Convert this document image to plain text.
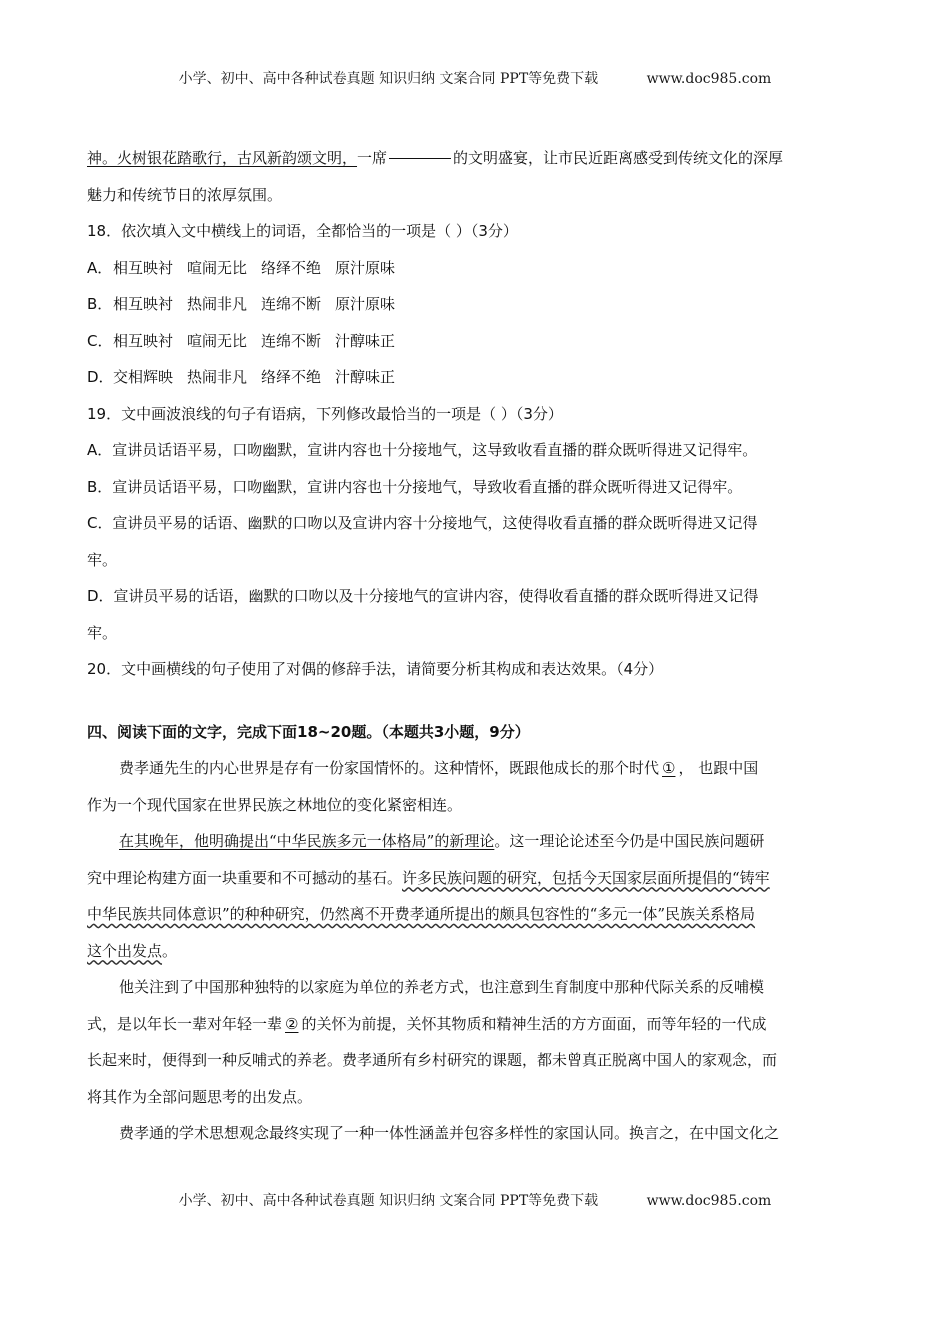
小学、初中、高中各种试卷真题 知识归纳 文案合同 PPT等免费下载	www.doc985.com
神。火树银花踏歌行，古风新韵颂文明，一席	的文明盛宴，让市民近距离感受到传统文化的深厚
魅力和传统节日的浓厚氛围。
18．依次填入文中横线上的词语，全都恰当的一项是（ ）（3分）
A．相互映衬 喧闹无比 络绎不绝 原汁原味
B．相互映衬 热闹非凡 连绵不断 原汁原味
C．相互映衬 喧闹无比 连绵不断 汁醇味正
D．交相辉映 热闹非凡 络绎不绝 汁醇味正
19．文中画波浪线的句子有语病，下列修改最恰当的一项是（ ）（3分）
A．宣讲员话语平易，口吻幽默，宣讲内容也十分接地气，这导致收看直播的群众既听得进又记得牢。
B．宣讲员话语平易，口吻幽默，宣讲内容也十分接地气，导致收看直播的群众既听得进又记得牢。
C．宣讲员平易的话语、幽默的口吻以及宣讲内容十分接地气，这使得收看直播的群众既听得进又记得
牢。
D．宣讲员平易的话语，幽默的口吻以及十分接地气的宣讲内容，使得收看直播的群众既听得进又记得
牢。
20．文中画横线的句子使用了对偶的修辞手法，请简要分析其构成和表达效果。（4分）
四、阅读下面的文字，完成下面18~20题。（本题共3小题，9分）
费孝通先生的内心世界是存有一份家国情怀的。这种情怀，既跟他成长的那个时代 ① ， 也跟中国
作为一个现代国家在世界民族之林地位的变化紧密相连。
在其晚年，他明确提出“中华民族多元一体格局”的新理论。这一理论论述至今仍是中国民族问题研
究中理论构建方面一块重要和不可撼动的基石。许多民族问题的研究，包括今天国家层面所提倡的“铸牢
中华民族共同体意识”的种种研究，仍然离不开费孝通所提出的颇具包容性的“多元一体”民族关系格局
这个出发点。
他关注到了中国那种独特的以家庭为单位的养老方式，也注意到生育制度中那种代际关系的反哺模
式，是以年长一辈对年轻一辈 ② 的关怀为前提，关怀其物质和精神生活的方方面面，而等年轻的一代成
长起来时，便得到一种反哺式的养老。费孝通所有乡村研究的课题，都未曾真正脱离中国人的家观念，而
将其作为全部问题思考的出发点。
费孝通的学术思想观念最终实现了一种一体性涵盖并包容多样性的家国认同。换言之，在中国文化之
小学、初中、高中各种试卷真题 知识归纳 文案合同 PPT等免费下载	www.doc985.com
